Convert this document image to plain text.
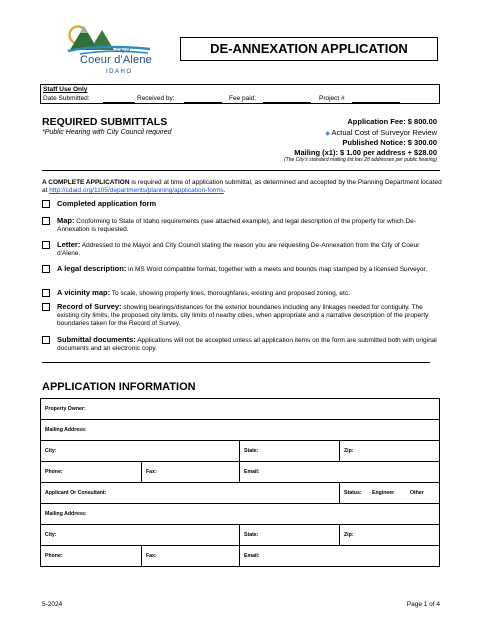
City of
Coeur d'Alene
IDAHO
DE-ANNEXATION APPLICATION
Staff Use Only
Date Submitted:	Received by:	Fee paid:	Project #
REQUIRED SUBMITTALS
*Public Hearing with City Council required
Application Fee: $ 800.00
◆ Actual Cost of Surveyor Review
Published Notice: $ 300.00
Mailing (x1): $ 1.00 per address + $28.00
(The City's standard mailing list has 28 addresses per public hearing)
A COMPLETE APPLICATION is required at time of application submittal, as determined and accepted by the Planning Department located at http://cdaid.org/1105/departments/planning/application-forms.
Completed application form
Map: Conforming to State of Idaho requirements (see attached example), and legal description of the property for which De-Annexation is requested.
Letter: Addressed to the Mayor and City Council stating the reason you are requesting De-Annexation from the City of Coeur d'Alene.
A legal description: in MS Word compatible format, together with a meets and bounds map stamped by a licensed Surveyor.
A vicinity map: To scale, showing property lines, thoroughfares, existing and proposed zoning, etc.
Record of Survey: showing bearings/distances for the exterior boundaries including any linkages needed for contiguity. The existing city limits, the proposed city limits, city limits of nearby cities, when appropriate and a narrative description of the property boundaries taken for the Record of Survey.
Submittal documents: Applications will not be accepted unless all application items on the form are submitted both with original documents and an electronic copy.
APPLICATION INFORMATION
Property Owner:
Mailing Address:
City:	State:	Zip:
Phone:	Fax:	Email:
Applicant Or Consultant:	Status: Engineer	Other
Mailing Address:
City:	State:	Zip:
Phone:	Fax:	Email:
5-2024	Page 1 of 4
